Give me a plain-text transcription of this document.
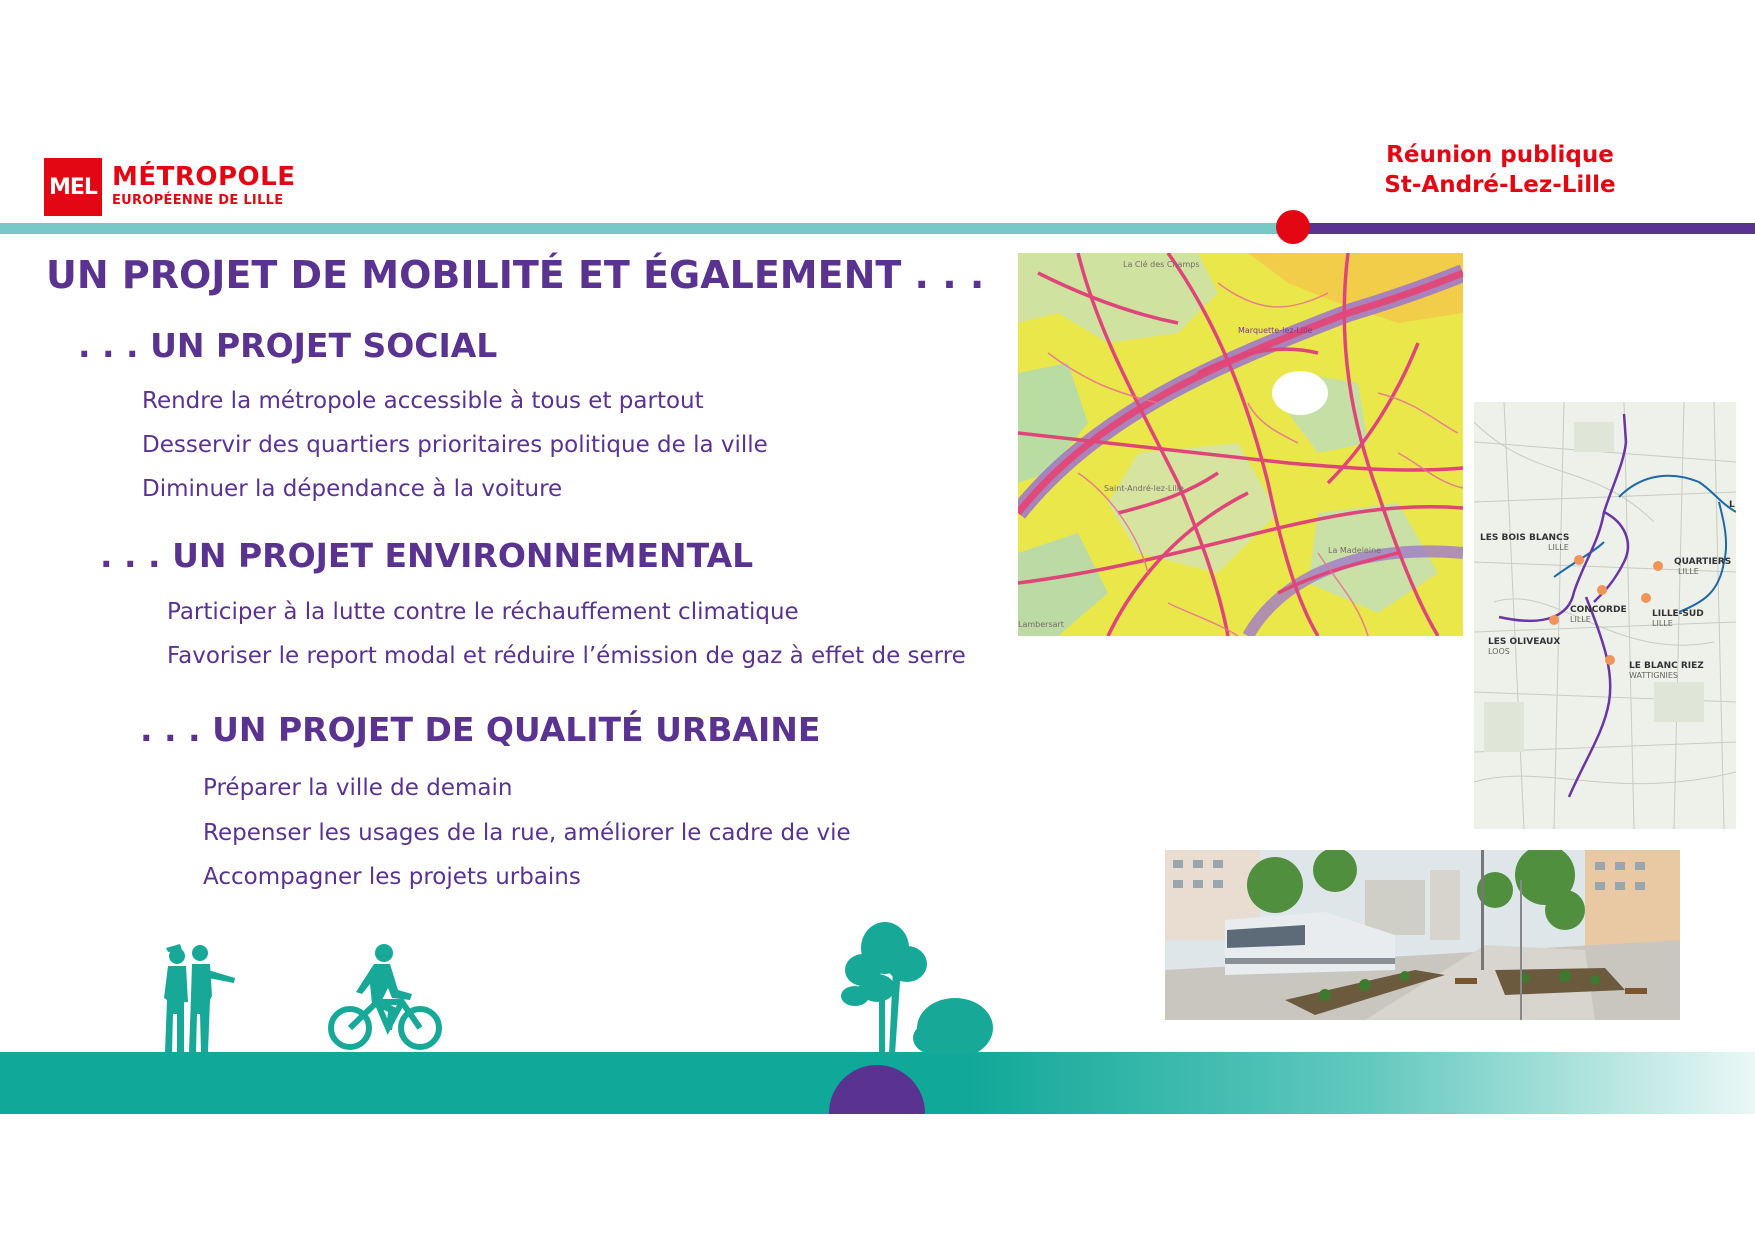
MEL MÉTROPOLE
EUROPÉENNE DE LILLE
Réunion publique
St-André-Lez-Lille
UN PROJET DE MOBILITÉ ET ÉGALEMENT . . .
. . . UN PROJET SOCIAL
Rendre la métropole accessible à tous et partout
Desservir des quartiers prioritaires politique de la ville
Diminuer la dépendance à la voiture
. . . UN PROJET ENVIRONNEMENTAL
Participer à la lutte contre le réchauffement climatique
Favoriser le report modal et réduire l’émission de gaz à effet de serre
. . . UN PROJET DE QUALITÉ URBAINE
Préparer la ville de demain
Repenser les usages de la rue, améliorer le cadre de vie
Accompagner les projets urbains
La Clé des Champs
Marquette-lez-Lille
Saint-André-lez-Lille
La Madeleine
Lambersart
LES BOIS BLANCS
QUARTIERS
CONCORDE	LILLE-SUD
LES OLIVEAUX
LE BLANC RIEZ
LILLE
LILLE
LILLE	LILLE
LOOS
WATTIGNIES
L
